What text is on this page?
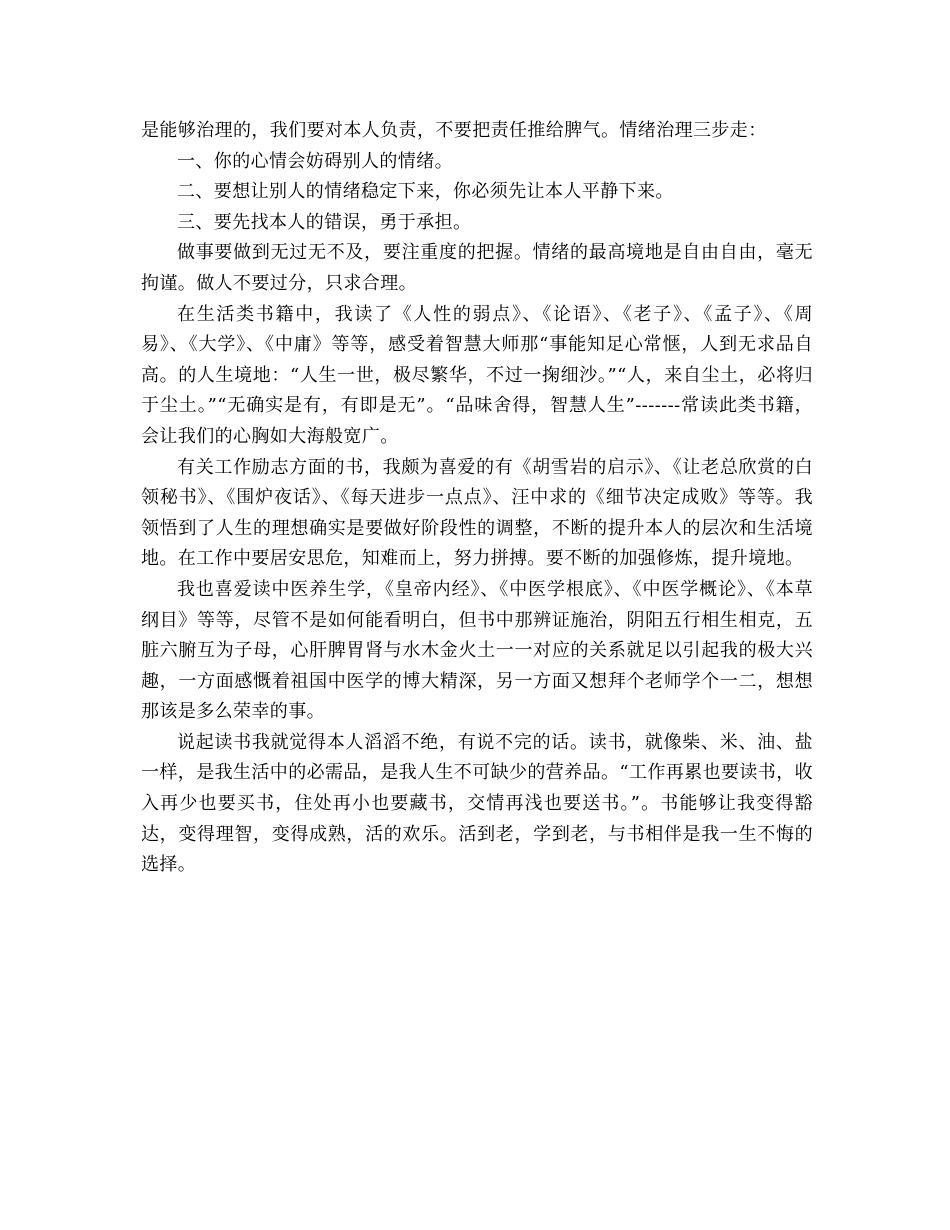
是能够治理的，我们要对本人负责，不要把责任推给脾气。情绪治理三步走：

一、你的心情会妨碍别人的情绪。

二、要想让别人的情绪稳定下来，你必须先让本人平静下来。

三、要先找本人的错误，勇于承担。

做事要做到无过无不及，要注重度的把握。情绪的最高境地是自由自由，毫无拘谨。做人不要过分，只求合理。

在生活类书籍中，我读了《人性的弱点》、《论语》、《老子》、《孟子》、《周易》、《大学》、《中庸》等等，感受着智慧大师那“事能知足心常惬，人到无求品自高。的人生境地：“人生一世，极尽繁华，不过一掬细沙。”“人，来自尘土，必将归于尘土。”“无确实是有，有即是无”。“品味舍得，智慧人生”-------常读此类书籍，会让我们的心胸如大海般宽广。

有关工作励志方面的书，我颇为喜爱的有《胡雪岩的启示》、《让老总欣赏的白领秘书》、《围炉夜话》、《每天进步一点点》、汪中求的《细节决定成败》等等。我领悟到了人生的理想确实是要做好阶段性的调整，不断的提升本人的层次和生活境地。在工作中要居安思危，知难而上，努力拼搏。要不断的加强修炼，提升境地。

我也喜爱读中医养生学，《皇帝内经》、《中医学根底》、《中医学概论》、《本草纲目》等等，尽管不是如何能看明白，但书中那辨证施治，阴阳五行相生相克，五脏六腑互为子母，心肝脾胃肾与水木金火土一一对应的关系就足以引起我的极大兴趣，一方面感慨着祖国中医学的博大精深，另一方面又想拜个老师学个一二，想想那该是多么荣幸的事。

说起读书我就觉得本人滔滔不绝，有说不完的话。读书，就像柴、米、油、盐一样，是我生活中的必需品，是我人生不可缺少的营养品。“工作再累也要读书，收入再少也要买书，住处再小也要藏书，交情再浅也要送书。”。书能够让我变得豁达，变得理智，变得成熟，活的欢乐。活到老，学到老，与书相伴是我一生不悔的选择。
